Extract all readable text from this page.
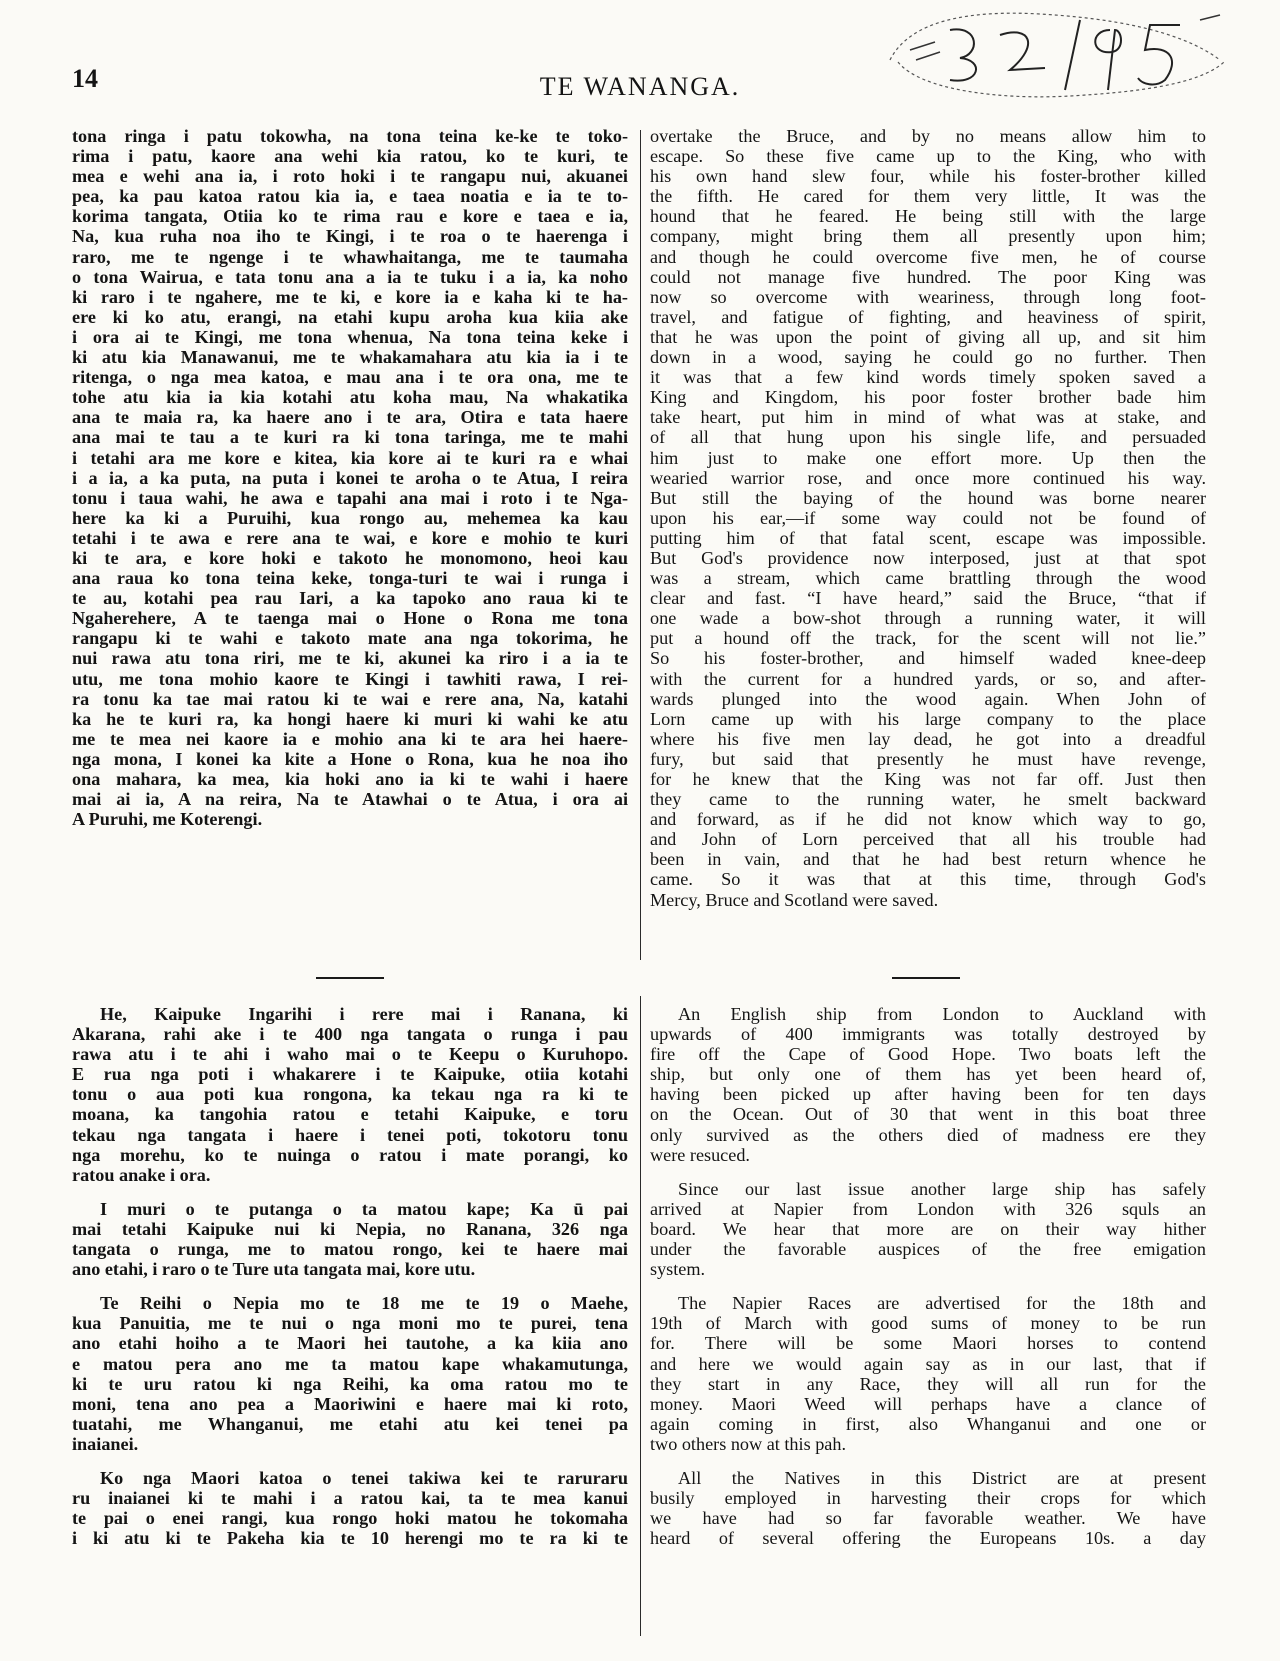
14	TE WANANGA.

tona ringa i patu tokowha, na tona teina ke-ke te toko-
rima i patu, kaore ana wehi kia ratou, ko te kuri, te
mea e wehi ana ia, i roto hoki i te rangapu nui, akuanei
pea, ka pau katoa ratou kia ia, e taea noatia e ia te to-
korima tangata, Otiia ko te rima rau e kore e taea e ia,
Na, kua ruha noa iho te Kingi, i te roa o te haerenga i
raro, me te ngenge i te whawhaitanga, me te taumaha
o tona Wairua, e tata tonu ana a ia te tuku i a ia, ka noho
ki raro i te ngahere, me te ki, e kore ia e kaha ki te ha-
ere ki ko atu, erangi, na etahi kupu aroha kua kiia ake
i ora ai te Kingi, me tona whenua, Na tona teina keke i
ki atu kia Manawanui, me te whakamahara atu kia ia i te
ritenga, o nga mea katoa, e mau ana i te ora ona, me te
tohe atu kia ia kia kotahi atu koha mau, Na whakatika
ana te maia ra, ka haere ano i te ara, Otira e tata haere
ana mai te tau a te kuri ra ki tona taringa, me te mahi
i tetahi ara me kore e kitea, kia kore ai te kuri ra e whai
i a ia, a ka puta, na puta i konei te aroha o te Atua, I reira
tonu i taua wahi, he awa e tapahi ana mai i roto i te Nga-
here ka ki a Puruihi, kua rongo au, mehemea ka kau
tetahi i te awa e rere ana te wai, e kore e mohio te kuri
ki te ara, e kore hoki e takoto he monomono, heoi kau
ana raua ko tona teina keke, tonga-turi te wai i runga i
te au, kotahi pea rau Iari, a ka tapoko ano raua ki te
Ngaherehere, A te taenga mai o Hone o Rona me tona
rangapu ki te wahi e takoto mate ana nga tokorima, he
nui rawa atu tona riri, me te ki, akunei ka riro i a ia te
utu, me tona mohio kaore te Kingi i tawhiti rawa, I rei-
ra tonu ka tae mai ratou ki te wai e rere ana, Na, katahi
ka he te kuri ra, ka hongi haere ki muri ki wahi ke atu
me te mea nei kaore ia e mohio ana ki te ara hei haere-
nga mona, I konei ka kite a Hone o Rona, kua he noa iho
ona mahara, ka mea, kia hoki ano ia ki te wahi i haere
mai ai ia, A na reira, Na te Atawhai o te Atua, i ora ai
A Puruhi, me Koterengi.

overtake the Bruce, and by no means allow him to
escape. So these five came up to the King, who with
his own hand slew four, while his foster-brother killed
the fifth. He cared for them very little, It was the
hound that he feared. He being still with the large
company, might bring them all presently upon him;
and though he could overcome five men, he of course
could not manage five hundred. The poor King was
now so overcome with weariness, through long foot-
travel, and fatigue of fighting, and heaviness of spirit,
that he was upon the point of giving all up, and sit him
down in a wood, saying he could go no further. Then
it was that a few kind words timely spoken saved a
King and Kingdom, his poor foster brother bade him
take heart, put him in mind of what was at stake, and
of all that hung upon his single life, and persuaded
him just to make one effort more. Up then the
wearied warrior rose, and once more continued his way.
But still the baying of the hound was borne nearer
upon his ear,—if some way could not be found of
putting him of that fatal scent, escape was impossible.
But God's providence now interposed, just at that spot
was a stream, which came brattling through the wood
clear and fast. “I have heard,” said the Bruce, “that if
one wade a bow-shot through a running water, it will
put a hound off the track, for the scent will not lie.”
So his foster-brother, and himself waded knee-deep
with the current for a hundred yards, or so, and after-
wards plunged into the wood again. When John of
Lorn came up with his large company to the place
where his five men lay dead, he got into a dreadful
fury, but said that presently he must have revenge,
for he knew that the King was not far off. Just then
they came to the running water, he smelt backward
and forward, as if he did not know which way to go,
and John of Lorn perceived that all his trouble had
been in vain, and that he had best return whence he
came. So it was that at this time, through God's
Mercy, Bruce and Scotland were saved.

He, Kaipuke Ingarihi i rere mai i Ranana, ki
Akarana, rahi ake i te 400 nga tangata o runga i pau
rawa atu i te ahi i waho mai o te Keepu o Kuruhopo.
E rua nga poti i whakarere i te Kaipuke, otiia kotahi
tonu o aua poti kua rongona, ka tekau nga ra ki te
moana, ka tangohia ratou e tetahi Kaipuke, e toru
tekau nga tangata i haere i tenei poti, tokotoru tonu
nga morehu, ko te nuinga o ratou i mate porangi, ko
ratou anake i ora.

I muri o te putanga o ta matou kape; Ka ū pai
mai tetahi Kaipuke nui ki Nepia, no Ranana, 326 nga
tangata o runga, me to matou rongo, kei te haere mai
ano etahi, i raro o te Ture uta tangata mai, kore utu.

Te Reihi o Nepia mo te 18 me te 19 o Maehe,
kua Panuitia, me te nui o nga moni mo te purei, tena
ano etahi hoiho a te Maori hei tautohe, a ka kiia ano
e matou pera ano me ta matou kape whakamutunga,
ki te uru ratou ki nga Reihi, ka oma ratou mo te
moni, tena ano pea a Maoriwini e haere mai ki roto,
tuatahi, me Whanganui, me etahi atu kei tenei pa
inaianei.

Ko nga Maori katoa o tenei takiwa kei te raruraru
ru inaianei ki te mahi i a ratou kai, ta te mea kanui
te pai o enei rangi, kua rongo hoki matou he tokomaha
i ki atu ki te Pakeha kia te 10 herengi mo te ra ki te

An English ship from London to Auckland with
upwards of 400 immigrants was totally destroyed by
fire off the Cape of Good Hope. Two boats left the
ship, but only one of them has yet been heard of,
having been picked up after having been for ten days
on the Ocean. Out of 30 that went in this boat three
only survived as the others died of madness ere they
were resuced.

Since our last issue another large ship has safely
arrived at Napier from London with 326 squls an
board. We hear that more are on their way hither
under the favorable auspices of the free emigation
system.

The Napier Races are advertised for the 18th and
19th of March with good sums of money to be run
for. There will be some Maori horses to contend
and here we would again say as in our last, that if
they start in any Race, they will all run for the
money. Maori Weed will perhaps have a clance of
again coming in first, also Whanganui and one or
two others now at this pah.

All the Natives in this District are at present
busily employed in harvesting their crops for which
we have had so far favorable weather. We have
heard of several offering the Europeans 10s. a day
